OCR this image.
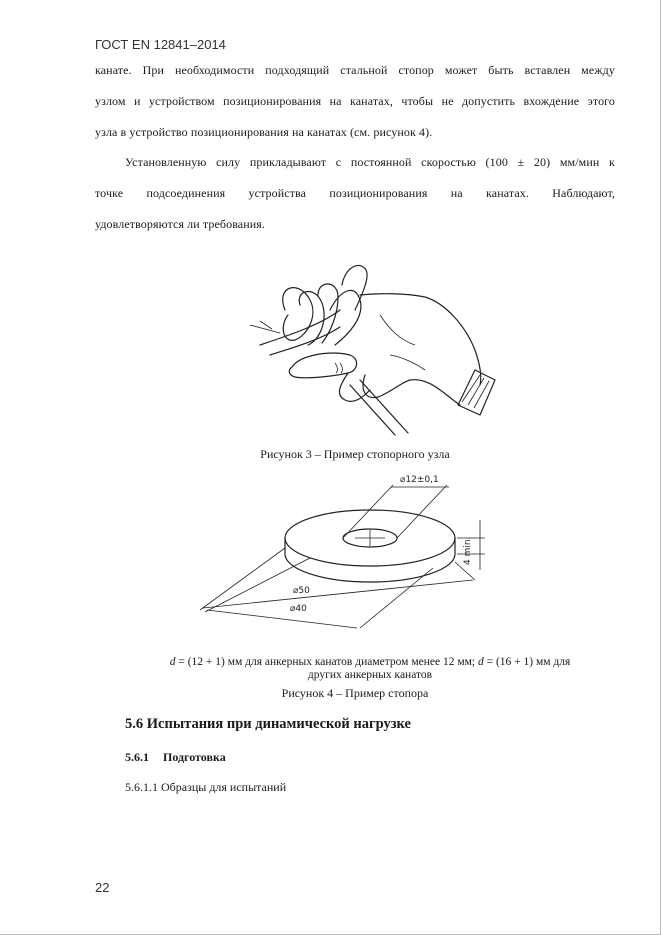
ГОСТ EN 12841–2014
канате. При необходимости подходящий стальной стопор может быть вставлен между
узлом и устройством позиционирования на канатах, чтобы не допустить вхождение этого
узла в устройство позиционирования на канатах (см. рисунок 4).
Установленную силу прикладывают с постоянной скоростью (100 ± 20) мм/мин к
точке подсоединения устройства позиционирования на канатах. Наблюдают,
удовлетворяются ли требования.
Рисунок 3 – Пример стопорного узла
⌀12±0,1
4 min.
⌀50
⌀40
d = (12 + 1) мм для анкерных канатов диаметром менее 12 мм; d = (16 + 1) мм для
других анкерных канатов
Рисунок 4 – Пример стопора
5.6 Испытания при динамической нагрузке
5.6.1 Подготовка
5.6.1.1 Образцы для испытаний
22
